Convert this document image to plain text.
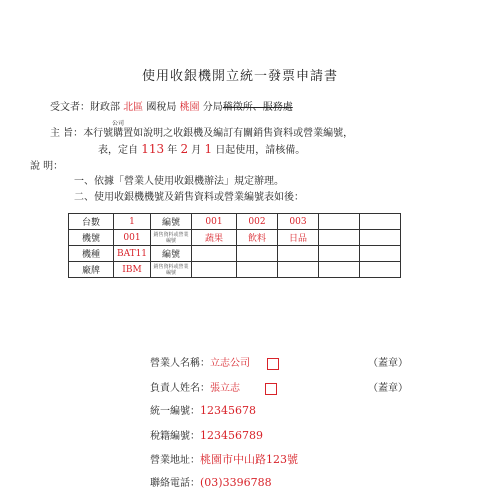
使用收銀機開立統一發票申請書
受文者：財政部 北區 國稅局 桃園 分局稽徵所、服務處
主 旨：本行號購置如說明之收銀機及編訂有關銷售資料或營業編號，
公司
表，定自 113 年 2 月 1 日起使用，請核備。
說 明：
一、依據「營業人使用收銀機辦法」規定辦理。
二、使用收銀機機號及銷售資料或營業編號表如後：
台數	1	編號	001	002	003		
機號	001	銷售資料或營業編號	蔬果	飲料	日品		
機種	BAT11	編號					
廠牌	IBM	銷售資料或營業編號					
營業人名稱：立志公司	（蓋章）
負責人姓名：張立志	（蓋章）
統一編號：12345678
稅籍編號：123456789
營業地址：桃園市中山路123號
聯絡電話：(03)3396788
